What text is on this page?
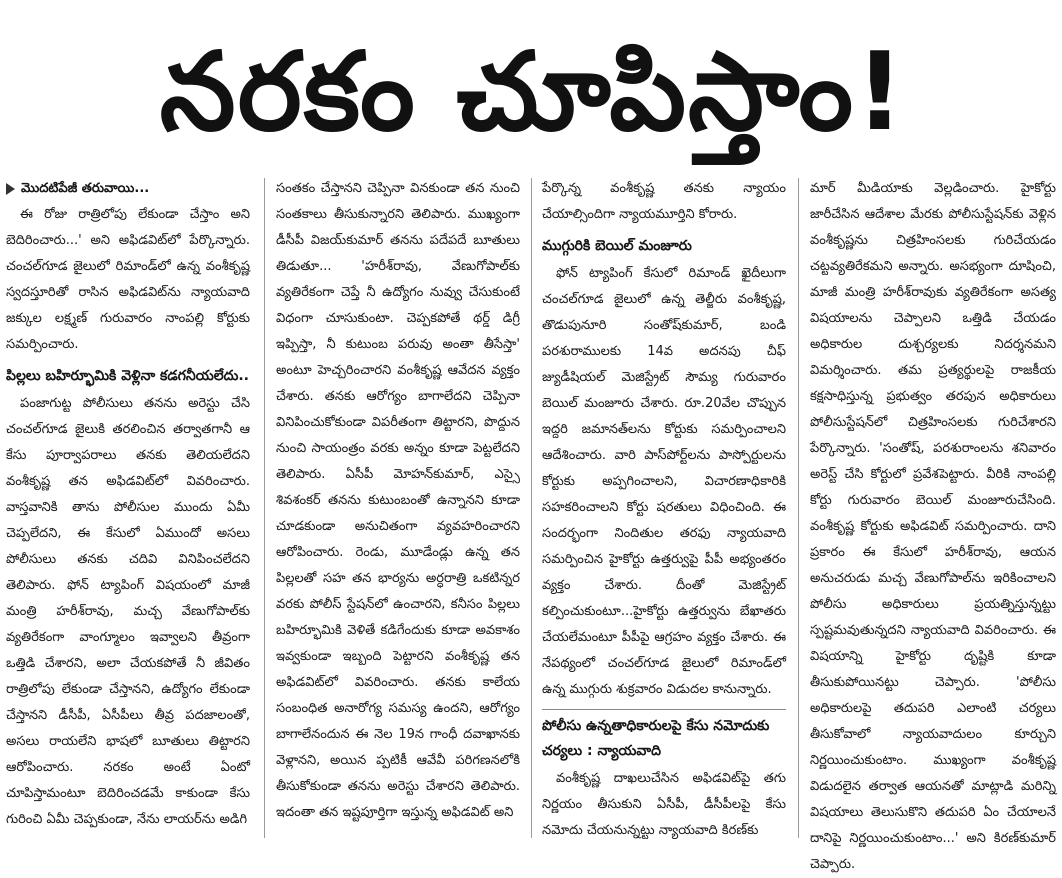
నరకం చూపిస్తాం!

మొదటిపేజీ తరువాయి...

ఈ రోజు రాత్రిలోపు లేకుండా చేస్తాం అని బెదిరించారు...' అని అఫిడవిట్‌లో పేర్కొన్నారు. చంచల్‌గూడ జైలులో రిమాండ్‌లో ఉన్న వంశీకృష్ణ స్వదస్తూరితో రాసిన అఫిడవిట్‌ను న్యాయవాది జక్కుల లక్ష్మణ్ గురువారం నాంపల్లి కోర్టుకు సమర్పించారు.

పిల్లలు బహిర్భూమికి వెళ్లినా కడగనీయలేదు..

పంజాగుట్ట పోలీసులు తనను అరెస్టు చేసి చంచల్‌గూడ జైలుకి తరలించిన తర్వాతగానీ ఆ కేసు పూర్వాపరాలు తనకు తెలియలేదని వంశీకృష్ణ తన అఫిడవిట్‌లో వివరించారు. వాస్తవానికి తాను పోలీసుల ముందు ఏమీ చెప్పలేదని, ఈ కేసులో ఏముందో అసలు పోలీసులు తనకు చదివి వినిపించలేదని తెలిపారు. ఫోన్ ట్యాపింగ్ విషయంలో మాజీ మంత్రి హరీశ్‌రావు, మచ్చ వేణుగోపాల్‌కు వ్యతిరేకంగా వాంగ్మూలం ఇవ్వాలని తీవ్రంగా ఒత్తిడి చేశారని, అలా చేయకపోతే నీ జీవితం రాత్రిలోపు లేకుండా చేస్తానని, ఉద్యోగం లేకుండా చేస్తానని డీసీపీ, ఏసీపీలు తీవ్ర పదజాలంతో, అసలు రాయలేని భాషలో బూతులు తిట్టారని ఆరోపించారు. నరకం అంటే ఏంటో చూపిస్తామంటూ బెదిరించడమే కాకుండా కేసు గురించి ఏమీ చెప్పకుండా, నేను లాయర్‌ను అడిగి

సంతకం చేస్తానని చెప్పినా వినకుండా తన నుంచి సంతకాలు తీసుకున్నారని తెలిపారు. ముఖ్యంగా డీసీపీ విజయ్‌కుమార్ తనను పదేపదే బూతులు తిడుతూ... 'హరీశ్‌రావు, వేణుగోపాల్‌కు వ్యతిరేకంగా చెప్తే నీ ఉద్యోగం నువ్వు చేసుకుంటే విధంగా చూసుకుంటా. చెప్పకపోతే థర్డ్ డిగ్రీ ఇప్పిస్తా, నీ కుటుంబ పరువు అంతా తీసేస్తా' అంటూ హెచ్చరించారని వంశీకృష్ణ ఆవేదన వ్యక్తం చేశారు. తనకు ఆరోగ్యం బాగాలేదని చెప్పినా వినిపించుకోకుండా విపరీతంగా తిట్టారని, పొద్దున నుంచి సాయంత్రం వరకు అన్నం కూడా పెట్టలేదని తెలిపారు. ఏసీపీ మోహన్‌కుమార్, ఎస్సై శివశంకర్ తనను కుటుంబంతో ఉన్నానని కూడా చూడకుండా అనుచితంగా వ్యవహరించారని ఆరోపించారు. రెండు, మూడేండ్లు ఉన్న తన పిల్లలతో సహ తన భార్యను అర్ధరాత్రి ఒకటిన్నర వరకు పోలీస్ స్టేషన్‌లో ఉంచారని, కనీసం పిల్లలు బహిర్భూమికి వెళితే కడిగేందుకు కూడా అవకాశం ఇవ్వకుండా ఇబ్బంది పెట్టారని వంశీకృష్ణ తన అఫిడవిట్‌లో వివరించారు. తనకు కాలేయ సంబంధిత అనారోగ్య సమస్య ఉందని, ఆరోగ్యం బాగాలేనందున ఈ నెల 19న గాంధీ దవాఖానకు వెళ్లానని, అయిన ప్పటికీ ఆవేవీ పరిగణనలోకి తీసుకోకుండా తనను అరెస్టు చేశారని తెలిపారు. ఇదంతా తన ఇష్టపూర్తిగా ఇస్తున్న అఫిడవిట్ అని

పేర్కొన్న వంశీకృష్ణ తనకు న్యాయం చేయాల్సిందిగా న్యాయమూర్తిని కోరారు.

ముగ్గురికి బెయిల్ మంజూరు

ఫోన్ ట్యాపింగ్ కేసులో రిమాండ్ ఖైదీలుగా చంచల్‌గూడ జైలులో ఉన్న తెల్జీరు వంశీకృష్ణ, తొడుపునూరి సంతోష్‌కుమార్, బండి పరశురాములకు 14వ అదనపు చీఫ్ జ్యుడీషియల్ మెజిస్ట్రేట్ సౌమ్య గురువారం బెయిల్ మంజూరు చేశారు. రూ.20వేల చొప్పున ఇద్దరి జమానత్‌లను కోర్టుకు సమర్పించాలని ఆదేశించారు. వారి పాస్‌పోర్ట్‌లను పాస్పోర్టులను కోర్టుకు అప్పగించాలని, విచారణాధికారికి సహకరించాలని కోర్టు షరతులు విధించింది. ఈ సందర్భంగా నిందితుల తరఫు న్యాయవాది సమర్పించిన హైకోర్టు ఉత్తర్వుపై పీపీ అభ్యంతరం వ్యక్తం చేశారు. దీంతో మెజిస్ట్రేట్ కల్పించుకుంటూ...హైకోర్టు ఉత్తర్వును బేఖాతరు చేయలేమంటూ పీపీపై ఆగ్రహం వ్యక్తం చేశారు. ఈ నేపథ్యంలో చంచల్‌గూడ జైలులో రిమాండ్‌లో ఉన్న ముగ్గురు శుక్రవారం విడుదల కానున్నారు.

పోలీసు ఉన్నతాధికారులపై కేసు నమోదుకు చర్యలు : న్యాయవాది

వంశీకృష్ణ దాఖలుచేసిన అఫిడవిట్‌పై తగు నిర్ణయం తీసుకుని ఏసీపీ, డీసీపీలపై కేసు నమోదు చేయనున్నట్టు న్యాయవాది కిరణ్‌కు

మార్ మీడియాకు వెల్లడించారు. హైకోర్టు జారీచేసిన ఆదేశాల మేరకు పోలీసుస్టేషన్‌కు వెళ్లిన వంశీకృష్ణను చిత్రహింసలకు గురిచేయడం చట్టవ్యతిరేకమని అన్నారు. అసభ్యంగా దూషించి, మాజీ మంత్రి హరీశ్‌రావుకు వ్యతిరేకంగా అసత్య విషయాలను చెప్పాలని ఒత్తిడి చేయడం అధికారుల దుశ్చర్యలకు నిదర్శనమని విమర్శించారు. తమ ప్రత్యర్థులపై రాజకీయ కక్షసాధిస్తున్న ప్రభుత్వం తరపున అధికారులు పోలీసుస్టేషన్‌లో చిత్రహింసలకు గురిచేశారని పేర్కొన్నారు. 'సంతోష్, పరశురాంలను శనివారం అరెస్ట్ చేసి కోర్టులో ప్రవేశపెట్టారు. వీరికి నాంపల్లి కోర్టు గురువారం బెయిల్ మంజూరుచేసింది. వంశీకృష్ణ కోర్టుకు అఫిడవిట్ సమర్పించారు. దాని ప్రకారం ఈ కేసులో హరీశ్‌రావు, ఆయన అనుచరుడు మచ్చ వేణుగోపాల్‌ను ఇరికించాలని పోలీసు అధికారులు ప్రయత్నిస్తున్నట్టు స్పష్టమవుతున్నదని న్యాయవాది వివరించారు. ఈ విషయాన్ని హైకోర్టు దృష్టికి కూడా తీసుకుపోయినట్టు చెప్పారు. 'పోలీసు అధికారులపై తదుపరి ఎలాంటి చర్యలు తీసుకోవాలో న్యాయవాదులం కూర్చుని నిర్ణయించుకుంటాం. ముఖ్యంగా వంశీకృష్ణ విడుదలైన తర్వాత ఆయనతో మాట్లాడి మరిన్ని విషయాలు తెలుసుకొని తదుపరి ఏం చేయాలనే దానిపై నిర్ణయించుకుంటాం...' అని కిరణ్‌కుమార్ చెప్పారు.
